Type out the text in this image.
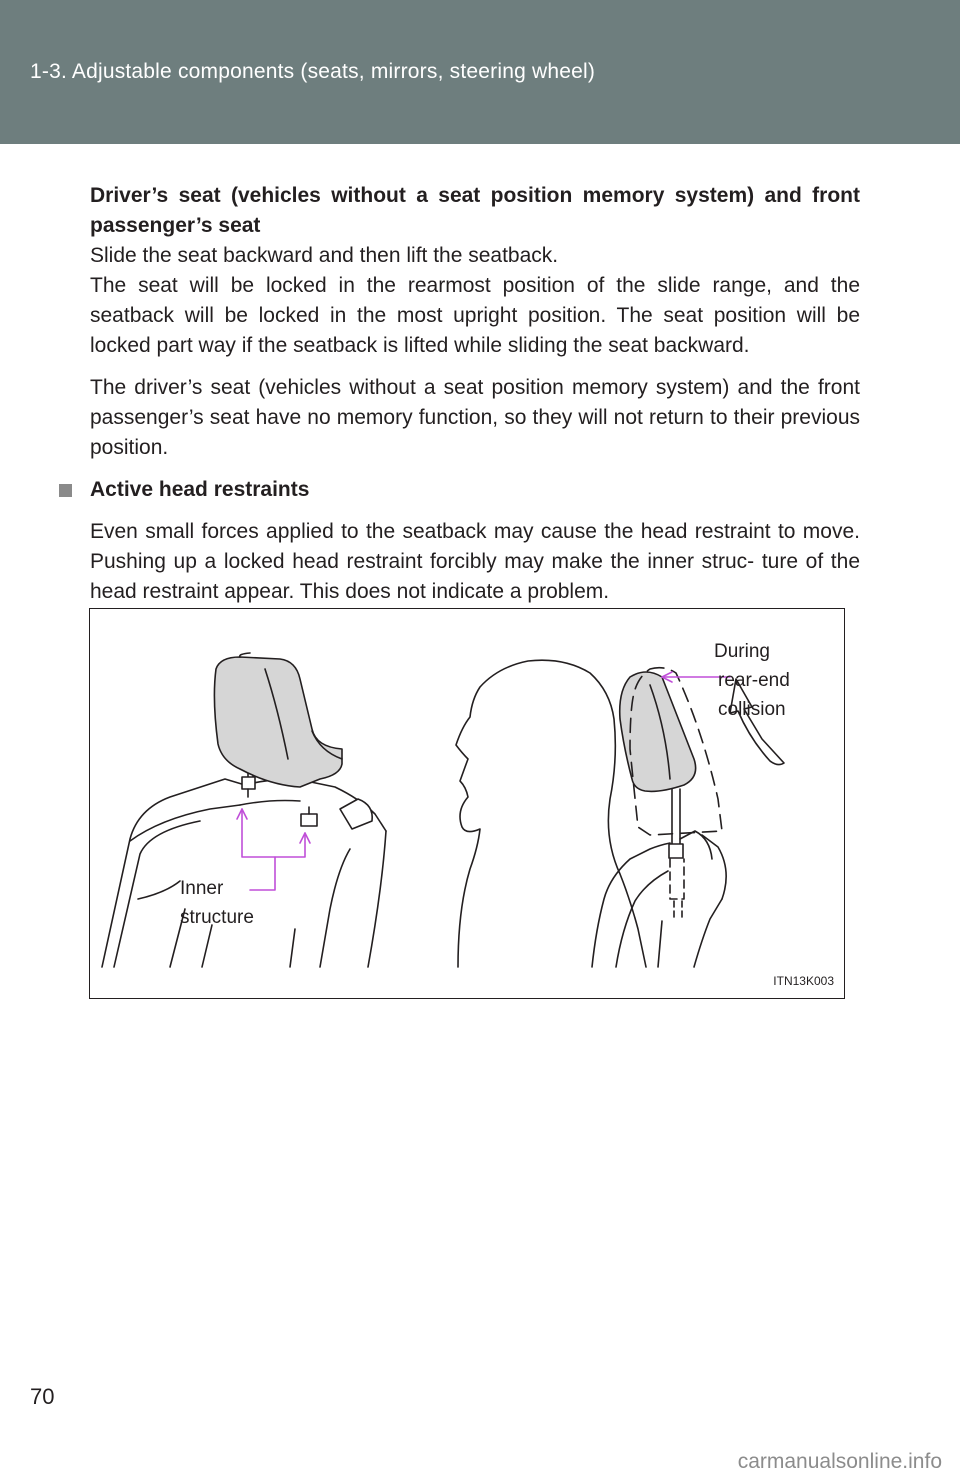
1-3. Adjustable components (seats, mirrors, steering wheel)

Driver’s seat (vehicles without a seat position memory system) and front passenger’s seat

Slide the seat backward and then lift the seatback.

The seat will be locked in the rearmost position of the slide range, and the seatback will be locked in the most upright position. The seat position will be locked part way if the seatback is lifted while sliding the seat backward.

The driver’s seat (vehicles without a seat position memory system) and the front passenger’s seat have no memory function, so they will not return to their previous position.

Active head restraints

Even small forces applied to the seatback may cause the head restraint to move. Pushing up a locked head restraint forcibly may make the inner struc- ture of the head restraint appear. This does not indicate a problem.

Inner
structure
During
rear-end
collision
ITN13K003
70
carmanualsonline.info
